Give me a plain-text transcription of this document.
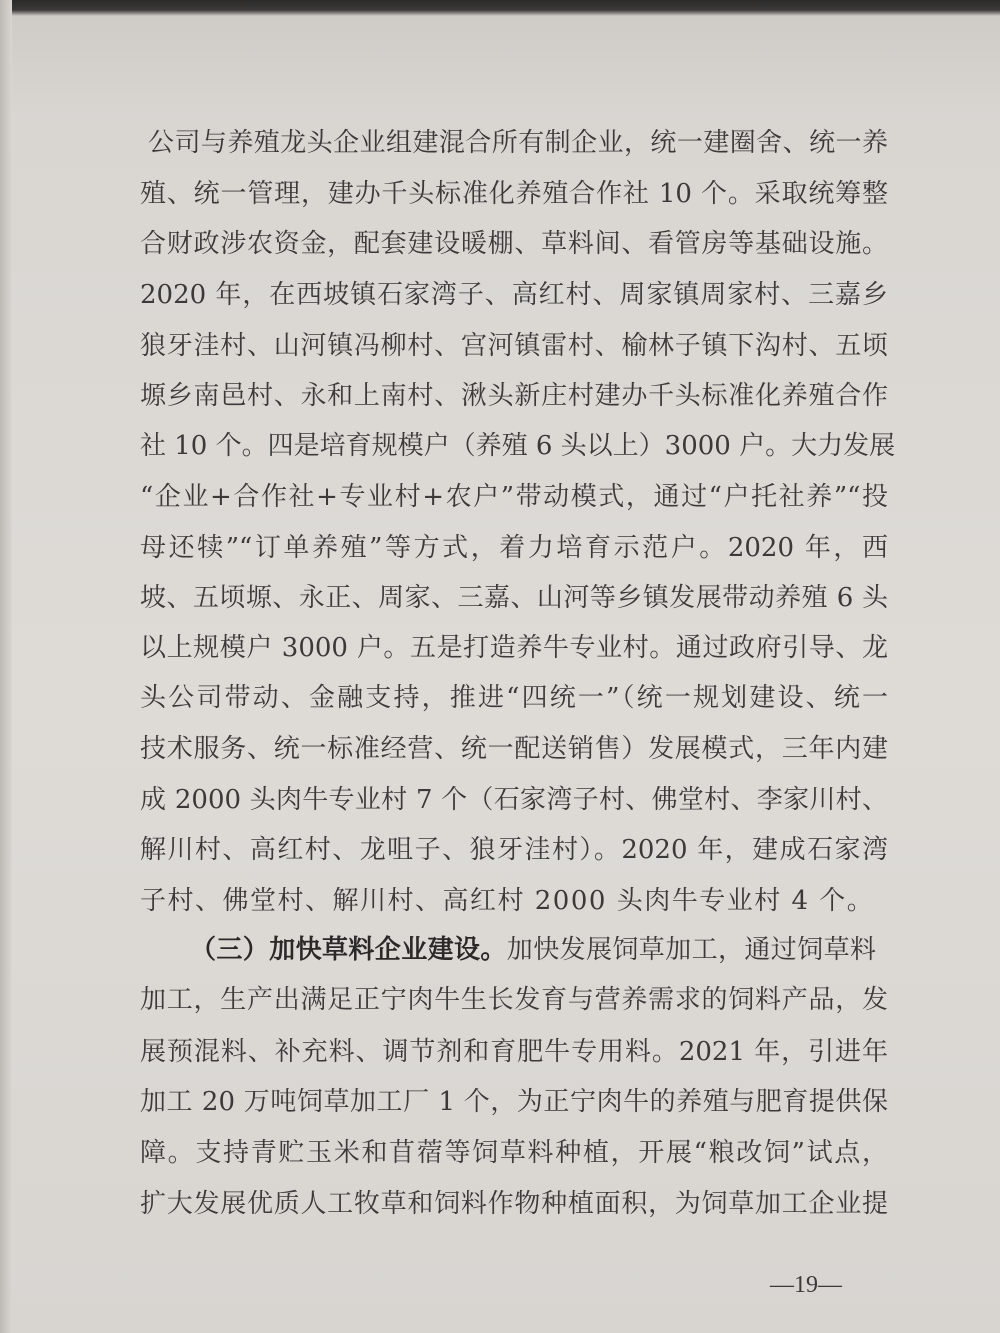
公司与养殖龙头企业组建混合所有制企业，统一建圈舍、统一养
殖、统一管理，建办千头标准化养殖合作社 10 个。采取统筹整
合财政涉农资金，配套建设暖棚、草料间、看管房等基础设施。
2020 年，在西坡镇石家湾子、高红村、周家镇周家村、三嘉乡
狼牙洼村、山河镇冯柳村、宫河镇雷村、榆林子镇下沟村、五顷
塬乡南邑村、永和上南村、湫头新庄村建办千头标准化养殖合作
社 10 个。四是培育规模户（养殖 6 头以上）3000 户。大力发展
“企业+合作社+专业村+农户”带动模式，通过“户托社养”“投
母还犊”“订单养殖”等方式，着力培育示范户。2020 年，西
坡、五顷塬、永正、周家、三嘉、山河等乡镇发展带动养殖 6 头
以上规模户 3000 户。五是打造养牛专业村。通过政府引导、龙
头公司带动、金融支持，推进“四统一”（统一规划建设、统一
技术服务、统一标准经营、统一配送销售）发展模式，三年内建
成 2000 头肉牛专业村 7 个（石家湾子村、佛堂村、李家川村、
解川村、高红村、龙咀子、狼牙洼村）。2020 年，建成石家湾
子村、佛堂村、解川村、高红村 2000 头肉牛专业村 4 个。
（三）加快草料企业建设。加快发展饲草加工，通过饲草料
加工，生产出满足正宁肉牛生长发育与营养需求的饲料产品，发
展预混料、补充料、调节剂和育肥牛专用料。2021 年，引进年
加工 20 万吨饲草加工厂 1 个，为正宁肉牛的养殖与肥育提供保
障。支持青贮玉米和苜蓿等饲草料种植，开展“粮改饲”试点，
扩大发展优质人工牧草和饲料作物种植面积，为饲草加工企业提
—19—
